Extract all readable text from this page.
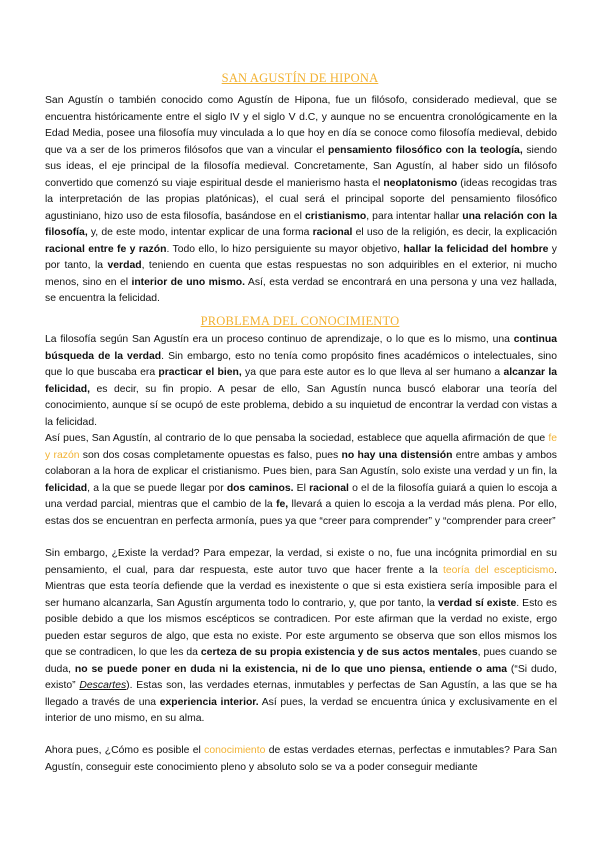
SAN AGUSTÍN DE HIPONA

San Agustín o también conocido como Agustín de Hipona, fue un filósofo, considerado medieval, que se encuentra históricamente entre el siglo IV y el siglo V d.C, y aunque no se encuentra cronológicamente en la Edad Media, posee una filosofía muy vinculada a lo que hoy en día se conoce como filosofía medieval, debido que va a ser de los primeros filósofos que van a vincular el pensamiento filosófico con la teología, siendo sus ideas, el eje principal de la filosofía medieval. Concretamente, San Agustín, al haber sido un filósofo convertido que comenzó su viaje espiritual desde el manierismo hasta el neoplatonismo (ideas recogidas tras la interpretación de las propias platónicas), el cual será el principal soporte del pensamiento filosófico agustiniano, hizo uso de esta filosofía, basándose en el cristianismo, para intentar hallar una relación con la filosofía, y, de este modo, intentar explicar de una forma racional el uso de la religión, es decir, la explicación racional entre fe y razón. Todo ello, lo hizo persiguiente su mayor objetivo, hallar la felicidad del hombre y por tanto, la verdad, teniendo en cuenta que estas respuestas no son adquiribles en el exterior, ni mucho menos, sino en el interior de uno mismo. Así, esta verdad se encontrará en una persona y una vez hallada, se encuentra la felicidad.

PROBLEMA DEL CONOCIMIENTO

La filosofía según San Agustín era un proceso continuo de aprendizaje, o lo que es lo mismo, una continua búsqueda de la verdad. Sin embargo, esto no tenía como propósito fines académicos o intelectuales, sino que lo que buscaba era practicar el bien, ya que para este autor es lo que lleva al ser humano a alcanzar la felicidad, es decir, su fin propio. A pesar de ello, San Agustín nunca buscó elaborar una teoría del conocimiento, aunque sí se ocupó de este problema, debido a su inquietud de encontrar la verdad con vistas a la felicidad.

Así pues, San Agustín, al contrario de lo que pensaba la sociedad, establece que aquella afirmación de que fe y razón son dos cosas completamente opuestas es falso, pues no hay una distensión entre ambas y ambos colaboran a la hora de explicar el cristianismo. Pues bien, para San Agustín, solo existe una verdad y un fin, la felicidad, a la que se puede llegar por dos caminos. El racional o el de la filosofía guiará a quien lo escoja a una verdad parcial, mientras que el cambio de la fe, llevará a quien lo escoja a la verdad más plena. Por ello, estas dos se encuentran en perfecta armonía, pues ya que “creer para comprender” y “comprender para creer”

Sin embargo, ¿Existe la verdad? Para empezar, la verdad, si existe o no, fue una incógnita primordial en su pensamiento, el cual, para dar respuesta, este autor tuvo que hacer frente a la teoría del escepticismo. Mientras que esta teoría defiende que la verdad es inexistente o que si esta existiera sería imposible para el ser humano alcanzarla, San Agustín argumenta todo lo contrario, y, que por tanto, la verdad sí existe. Esto es posible debido a que los mismos escépticos se contradicen. Por este afirman que la verdad no existe, ergo pueden estar seguros de algo, que esta no existe. Por este argumento se observa que son ellos mismos los que se contradicen, lo que les da certeza de su propia existencia y de sus actos mentales, pues cuando se duda, no se puede poner en duda ni la existencia, ni de lo que uno piensa, entiende o ama (“Si dudo, existo” Descartes). Estas son, las verdades eternas, inmutables y perfectas de San Agustín, a las que se ha llegado a través de una experiencia interior. Así pues, la verdad se encuentra única y exclusivamente en el interior de uno mismo, en su alma.

Ahora pues, ¿Cómo es posible el conocimiento de estas verdades eternas, perfectas e inmutables? Para San Agustín, conseguir este conocimiento pleno y absoluto solo se va a poder conseguir mediante
